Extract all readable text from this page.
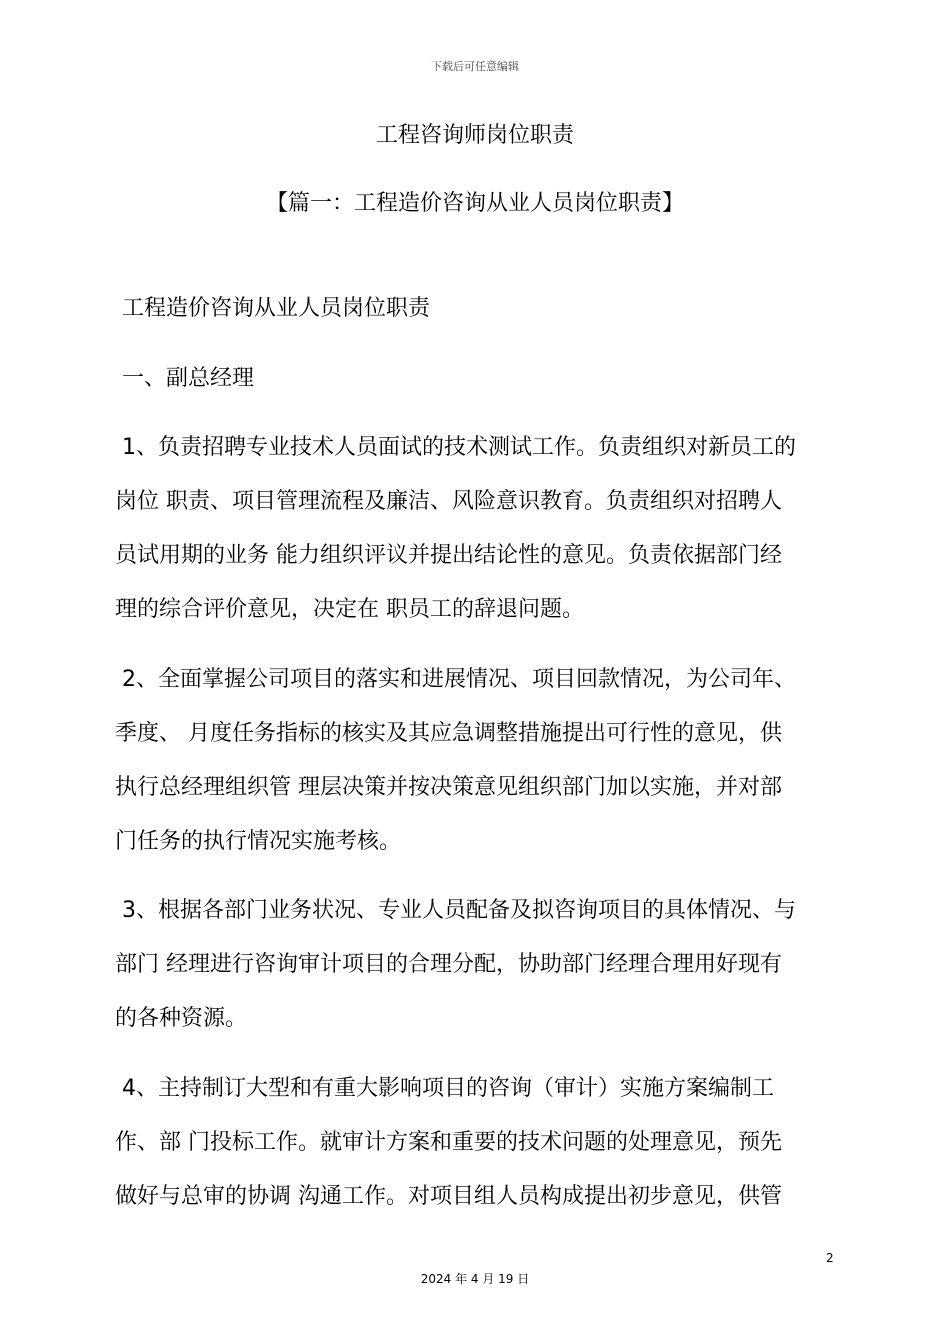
下载后可任意编辑
工程咨询师岗位职责
【篇一：工程造价咨询从业人员岗位职责】
工程造价咨询从业人员岗位职责
一、副总经理
1、负责招聘专业技术人员面试的技术测试工作。负责组织对新员工的
岗位 职责、项目管理流程及廉洁、风险意识教育。负责组织对招聘人
员试用期的业务 能力组织评议并提出结论性的意见。负责依据部门经
理的综合评价意见，决定在 职员工的辞退问题。
2、全面掌握公司项目的落实和进展情况、项目回款情况，为公司年、
季度、 月度任务指标的核实及其应急调整措施提出可行性的意见，供
执行总经理组织管 理层决策并按决策意见组织部门加以实施，并对部
门任务的执行情况实施考核。
3、根据各部门业务状况、专业人员配备及拟咨询项目的具体情况、与
部门 经理进行咨询审计项目的合理分配，协助部门经理合理用好现有
的各种资源。
4、主持制订大型和有重大影响项目的咨询（审计）实施方案编制工
作、部 门投标工作。就审计方案和重要的技术问题的处理意见，预先
做好与总审的协调 沟通工作。对项目组人员构成提出初步意见，供管
2
2024 年 4 月 19 日
